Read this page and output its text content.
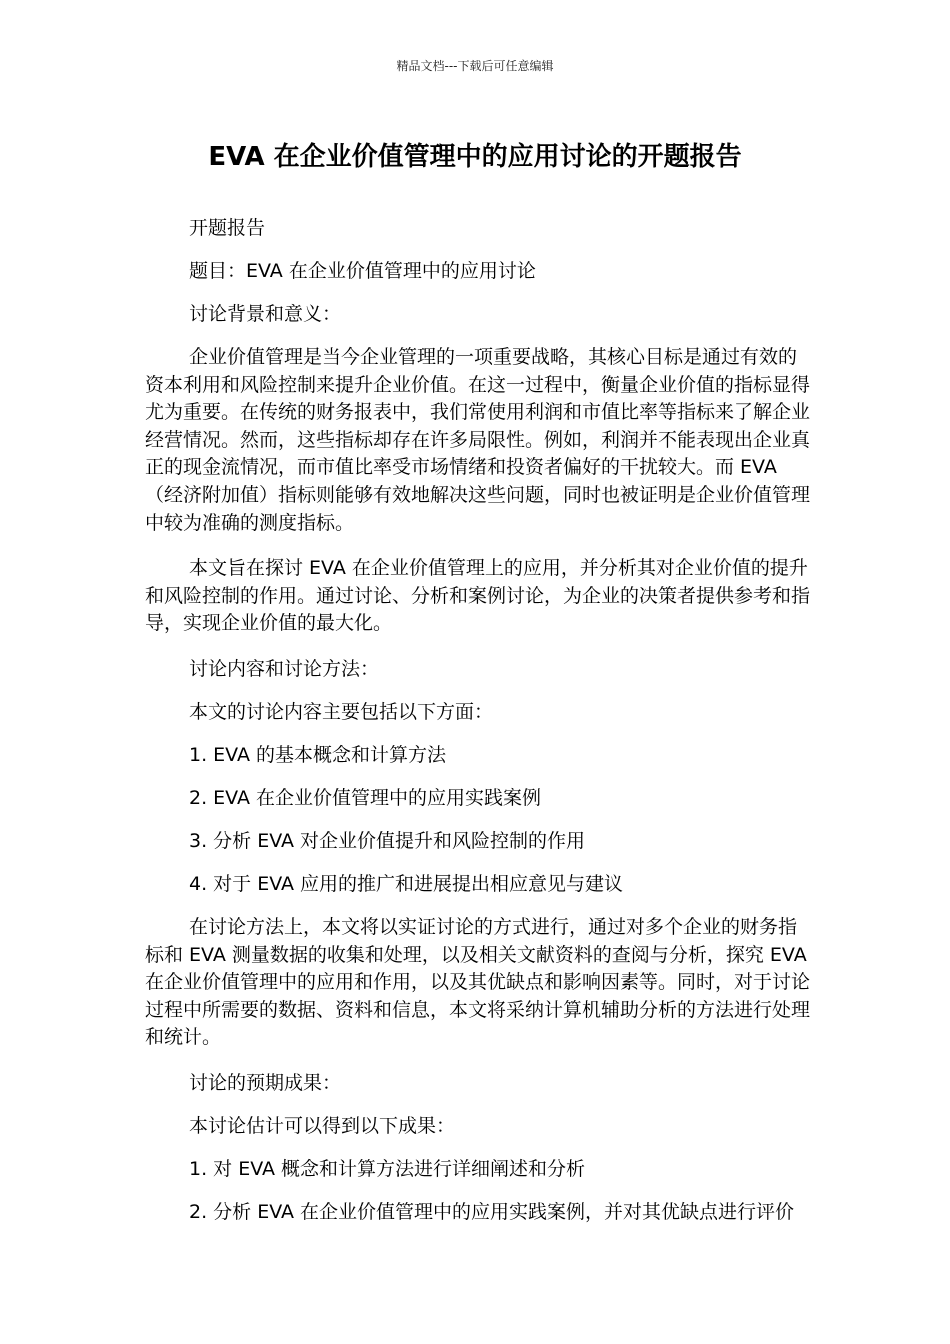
精品文档---下载后可任意编辑
EVA 在企业价值管理中的应用讨论的开题报告

开题报告

题目：EVA 在企业价值管理中的应用讨论

讨论背景和意义：

企业价值管理是当今企业管理的一项重要战略，其核心目标是通过有效的资本利用和风险控制来提升企业价值。在这一过程中，衡量企业价值的指标显得尤为重要。在传统的财务报表中，我们常使用利润和市值比率等指标来了解企业经营情况。然而，这些指标却存在许多局限性。例如，利润并不能表现出企业真正的现金流情况，而市值比率受市场情绪和投资者偏好的干扰较大。而 EVA（经济附加值）指标则能够有效地解决这些问题，同时也被证明是企业价值管理中较为准确的测度指标。

本文旨在探讨 EVA 在企业价值管理上的应用，并分析其对企业价值的提升和风险控制的作用。通过讨论、分析和案例讨论，为企业的决策者提供参考和指导，实现企业价值的最大化。

讨论内容和讨论方法：

本文的讨论内容主要包括以下方面：

1. EVA 的基本概念和计算方法

2. EVA 在企业价值管理中的应用实践案例

3. 分析 EVA 对企业价值提升和风险控制的作用

4. 对于 EVA 应用的推广和进展提出相应意见与建议

在讨论方法上，本文将以实证讨论的方式进行，通过对多个企业的财务指标和 EVA 测量数据的收集和处理，以及相关文献资料的查阅与分析，探究 EVA 在企业价值管理中的应用和作用，以及其优缺点和影响因素等。同时，对于讨论过程中所需要的数据、资料和信息，本文将采纳计算机辅助分析的方法进行处理和统计。

讨论的预期成果：

本讨论估计可以得到以下成果：

1. 对 EVA 概念和计算方法进行详细阐述和分析

2. 分析 EVA 在企业价值管理中的应用实践案例，并对其优缺点进行评价
